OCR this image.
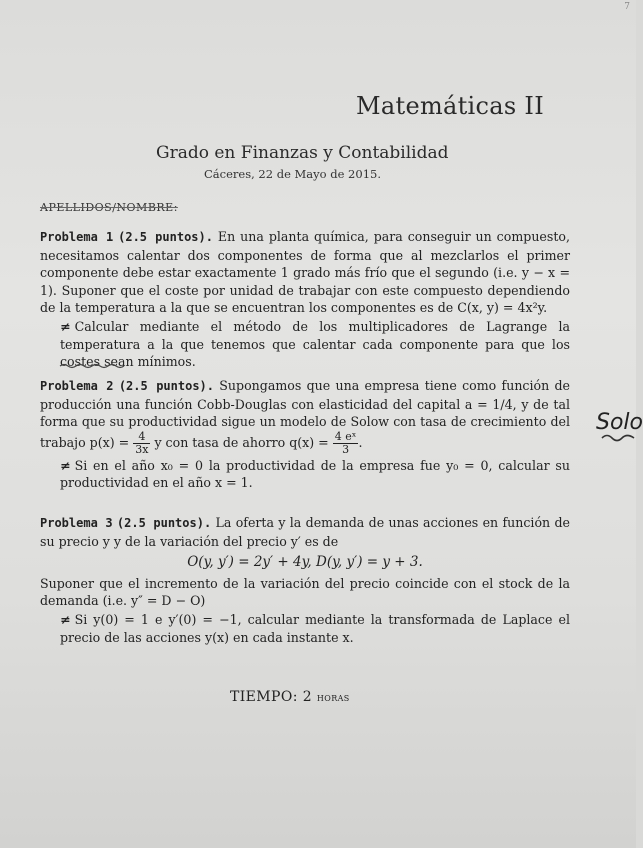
7
Matemáticas II
Grado en Finanzas y Contabilidad
Cáceres, 22 de Mayo de 2015.
APELLIDOS/NOMBRE:
Problema 1 (2.5 puntos). En una planta química, para conseguir un compuesto, necesitamos calentar dos componentes de forma que al mezclarlos el primer componente debe estar exactamente 1 grado más frío que el segundo (i.e. y − x = 1). Suponer que el coste por unidad de trabajar con este compuesto dependiendo de la temperatura a la que se encuentran los componentes es de C(x, y) = 4x²y.
≠ Calcular mediante el método de los multiplicadores de Lagrange la temperatura a la que tenemos que calentar cada componente para que los costes sean mínimos.
Problema 2 (2.5 puntos). Supongamos que una empresa tiene como función de producción una función Cobb-Douglas con elasticidad del capital a = 1/4, y de tal forma que su productividad sigue un modelo de Solow con tasa de crecimiento del trabajo $p(x) = \frac{4}{3x}$ y con tasa de ahorro $q(x) = \frac{\text{4 eˣ}}{3}$ .
≠ Si en el año x₀ = 0 la productividad de la empresa fue y₀ = 0, calcular su productividad en el año x = 1.
Solo
Problema 3 (2.5 puntos). La oferta y la demanda de unas acciones en función de su precio y y de la variación del precio y′ es de
O(y, y′) = 2y′ + 4y, D(y, y′) = y + 3.
Suponer que el incremento de la variación del precio coincide con el stock de la demanda (i.e. y″ = D − O)
≠ Si y(0) = 1 e y′(0) = −1, calcular mediante la transformada de Laplace el precio de las acciones y(x) en cada instante x.
TIEMPO: 2 horas
